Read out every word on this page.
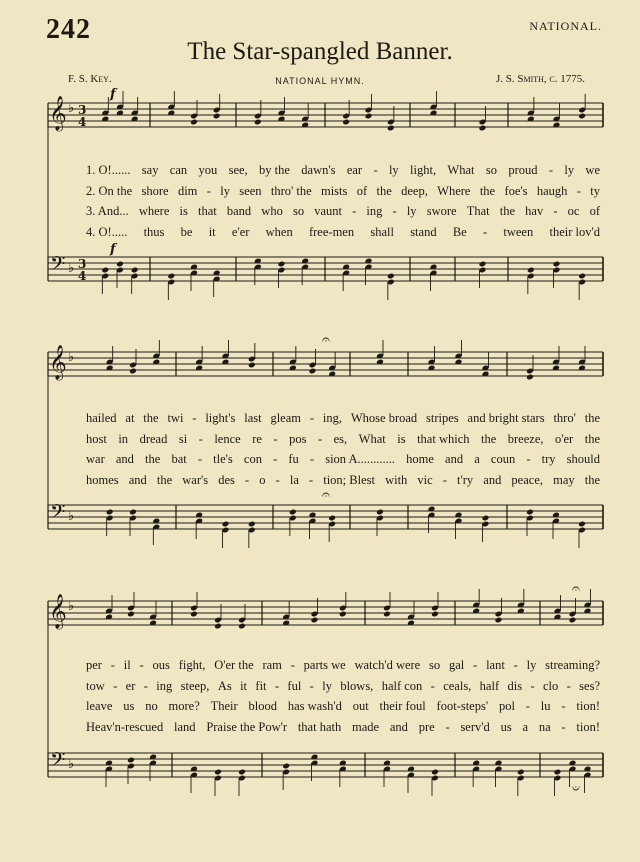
242	NATIONAL.
The Star-spangled Banner.
F. S. Key.	NATIONAL HYMN.	J. S. Smith, c. 1775.
𝄞 ♭ 3
4
𝄢 ♭ 3
4
𝄞 ♭
𝄢 ♭
𝄐
𝄐
𝄞 ♭
𝄢 ♭
𝄐
𝄑
f
f
1. O!...... say can you see, by the dawn's ear - ly light, What so proud - ly we
2. On the shore dim - ly seen thro' the mists of the deep, Where the foe's haugh - ty
3. And... where is that band who so vaunt - ing - ly swore That the hav - oc of
4. O!..... thus be it e'er when free-men shall stand Be - tween their lov'd
hailed at the twi - light's last gleam - ing, Whose broad stripes and bright stars thro' the
host in dread si - lence re - pos - es, What is that which the breeze, o'er the
war and the bat - tle's con - fu - sion A............ home and a coun - try should
homes and the war's des - o - la - tion; Blest with vic - t'ry and peace, may the
per - il - ous fight, O'er the ram - parts we watch'd were so gal - lant - ly streaming?
tow - er - ing steep, As it fit - ful - ly blows, half con - ceals, half dis - clo - ses?
leave us no more? Their blood has wash'd out their foul foot-steps' pol - lu - tion!
Heav'n-rescued land Praise the Pow'r that hath made and pre - serv'd us a na - tion!
